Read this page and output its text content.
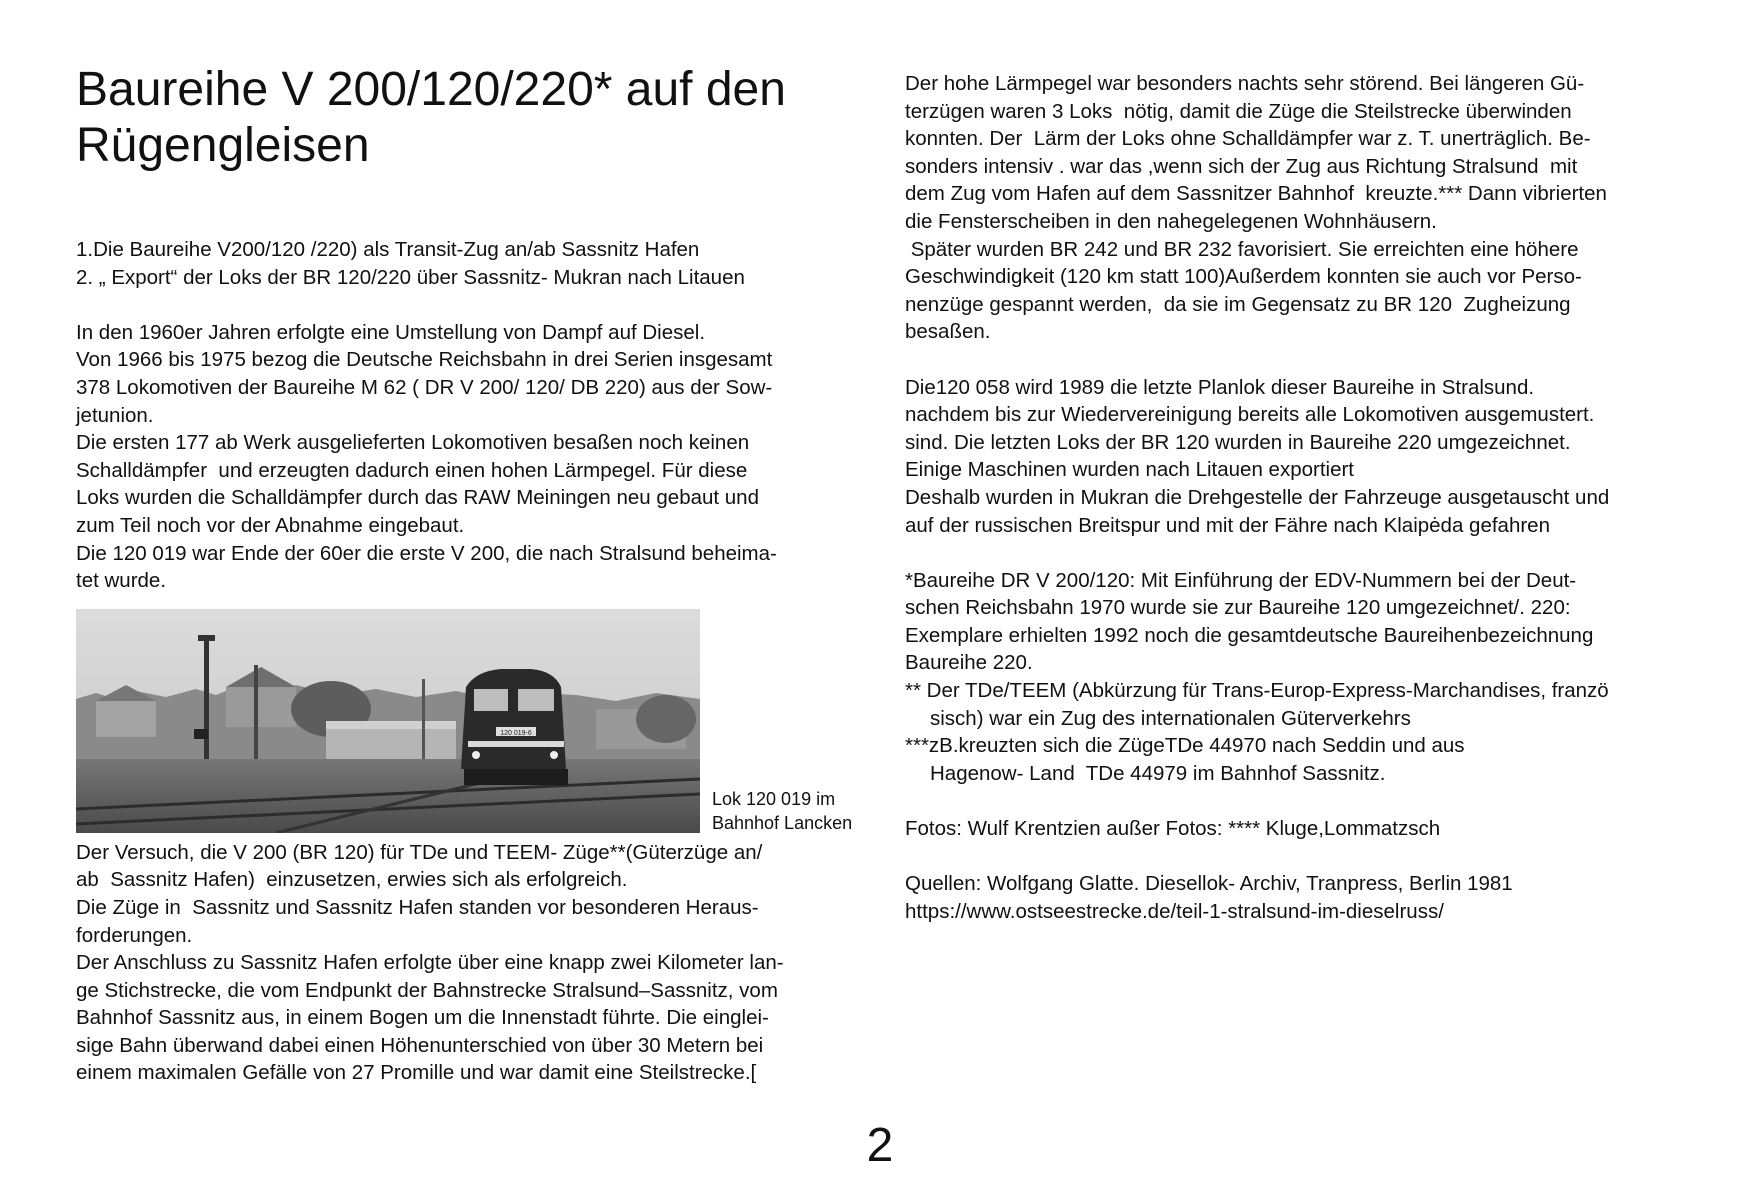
Baureihe V 200/120/220* auf den
Rügengleisen

1.Die Baureihe V200/120 /220) als Transit-Zug an/ab Sassnitz Hafen

2. „ Export“ der Loks der BR 120/220 über Sassnitz- Mukran nach Litauen

In den 1960er Jahren erfolgte eine Umstellung von Dampf auf Diesel.

Von 1966 bis 1975 bezog die Deutsche Reichsbahn in drei Serien insgesamt

378 Lokomotiven der Baureihe M 62 ( DR V 200/ 120/ DB 220) aus der Sow-

jetunion.

Die ersten 177 ab Werk ausgelieferten Lokomotiven besaßen noch keinen

Schalldämpfer  und erzeugten dadurch einen hohen Lärmpegel. Für diese

Loks wurden die Schalldämpfer durch das RAW Meiningen neu gebaut und

zum Teil noch vor der Abnahme eingebaut.

Die 120 019 war Ende der 60er die erste V 200, die nach Stralsund beheima-

tet wurde.

120 019-6
Lok 120 019 im
Bahnhof Lancken

Der Versuch, die V 200 (BR 120) für TDe und TEEM- Züge**(Güterzüge an/

ab  Sassnitz Hafen)  einzusetzen, erwies sich als erfolgreich.

Die Züge in  Sassnitz und Sassnitz Hafen standen vor besonderen Heraus-

forderungen.

Der Anschluss zu Sassnitz Hafen erfolgte über eine knapp zwei Kilometer lan-

ge Stichstrecke, die vom Endpunkt der Bahnstrecke Stralsund–Sassnitz, vom

Bahnhof Sassnitz aus, in einem Bogen um die Innenstadt führte. Die eingleі-

sige Bahn überwand dabei einen Höhenunterschied von über 30 Metern bei

einem maximalen Gefälle von 27 Promille und war damit eine Steilstrecke.[

Der hohe Lärmpegel war besonders nachts sehr störend. Bei längeren Gü-

terzügen waren 3 Loks  nötig, damit die Züge die Steilstrecke überwinden

konnten. Der  Lärm der Loks ohne Schalldämpfer war z. T. unerträglich. Be-

sonders intensiv . war das ,wenn sich der Zug aus Richtung Stralsund  mit

dem Zug vom Hafen auf dem Sassnitzer Bahnhof  kreuzte.*** Dann vibrierten

die Fensterscheiben in den nahegelegenen Wohnhäusern.

Später wurden BR 242 und BR 232 favorisiert. Sie erreichten eine höhere

Geschwindigkeit (120 km statt 100)Außerdem konnten sie auch vor Perso-

nenzüge gespannt werden,  da sie im Gegensatz zu BR 120  Zugheizung

besaßen.

Die120 058 wird 1989 die letzte Planlok dieser Baureihe in Stralsund.

nachdem bis zur Wiedervereinigung bereits alle Lokomotiven ausgemustert.

sind. Die letzten Loks der BR 120 wurden in Baureihe 220 umgezeichnet.

Einige Maschinen wurden nach Litauen exportiert

Deshalb wurden in Mukran die Drehgestelle der Fahrzeuge ausgetauscht und

auf der russischen Breitspur und mit der Fähre nach Klaipėda gefahren

*Baureihe DR V 200/120: Mit Einführung der EDV-Nummern bei der Deut-

schen Reichsbahn 1970 wurde sie zur Baureihe 120 umgezeichnet/. 220:

Exemplare erhielten 1992 noch die gesamtdeutsche Baureihenbezeichnung

Baureihe 220.

** Der TDe/TEEM (Abkürzung für Trans-Europ-Express-Marchandises, franzö

sisch) war ein Zug des internationalen Güterverkehrs

***zB.kreuzten sich die ZügeTDe 44970 nach Seddin und aus

Hagenow- Land  TDe 44979 im Bahnhof Sassnitz.

Fotos: Wulf Krentzien außer Fotos: **** Kluge,Lommatzsch

Quellen: Wolfgang Glatte. Diesellok- Archiv, Tranpress, Berlin 1981

https://www.ostseestrecke.de/teil-1-stralsund-im-dieselruss/

2
